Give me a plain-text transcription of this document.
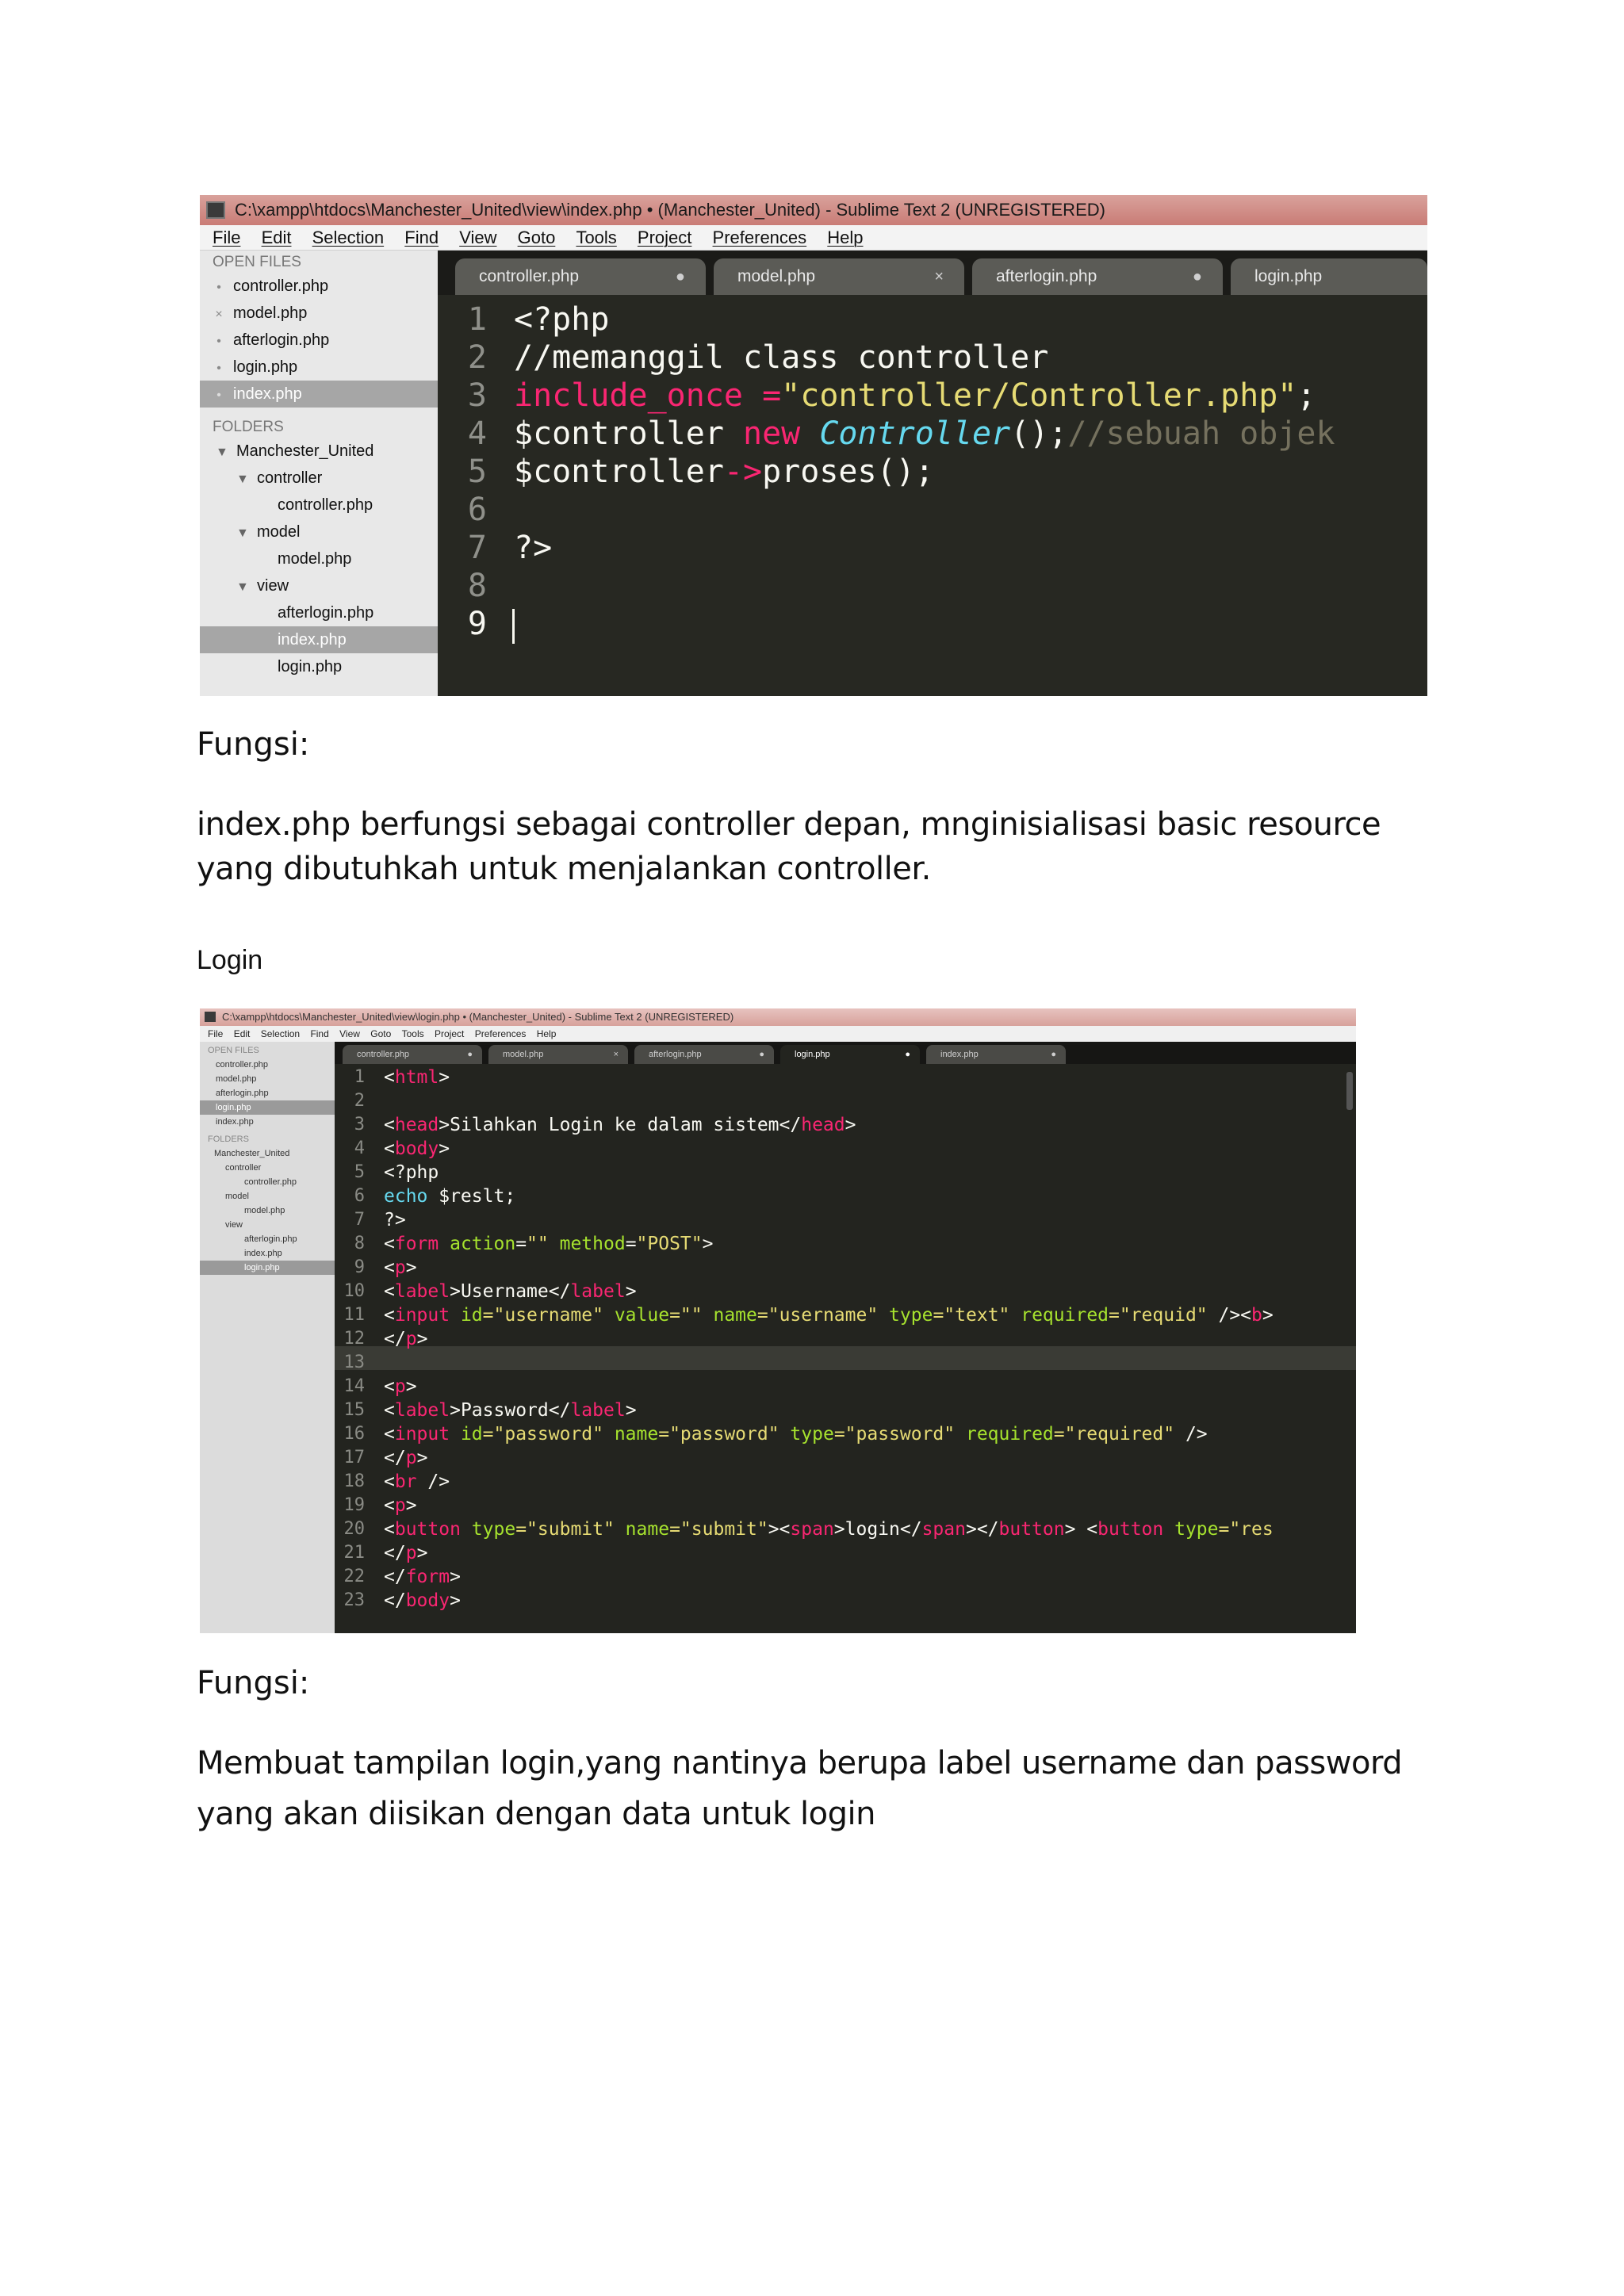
C:\xampp\htdocs\Manchester_United\view\index.php • (Manchester_United) - Sublime Text 2 (UNREGISTERED)
File Edit Selection Find View Goto Tools Project Preferences Help
OPEN FILES
• controller.php
× model.php
• afterlogin.php
• login.php
• index.php
FOLDERS
▼ Manchester_United
▼ controller
controller.php
▼ model
model.php
▼ view
afterlogin.php
index.php
login.php
controller.php	●	model.php	×	afterlogin.php	●	login.php
1
2
3
4
5
6
7
8
9
<?php
//memanggil class controller
include_once ="controller/Controller.php";
$controller new Controller();//sebuah objek
$controller->proses();
?>
Fungsi:
index.php berfungsi sebagai controller depan, mnginisialisasi basic resource
yang dibutuhkah untuk menjalankan controller.
Login
C:\xampp\htdocs\Manchester_United\view\login.php • (Manchester_United) - Sublime Text 2 (UNREGISTERED)
File Edit Selection Find View Goto Tools Project Preferences Help
OPEN FILES
controller.php
model.php
afterlogin.php
login.php
index.php
FOLDERS
Manchester_United
controller
controller.php
model
model.php
view
afterlogin.php
index.php
login.php
controller.php	●	model.php	×	afterlogin.php	●	login.php	●	index.php	●
1
2
3
4
5
6
7
8
9
10
11
12
13
14
15
16
17
18
19
20
21
22
23
<html>
<head>Silahkan Login ke dalam sistem</head>
<body>
<?php
echo $reslt;
?>
<form action="" method="POST">
<p>
<label>Username</label>
<input id="username" value="" name="username" type="text" required="requid" /><b>
</p>
<p>
<label>Password</label>
<input id="password" name="password" type="password" required="required" />
</p>
<br />
<p>
<button type="submit" name="submit"><span>login</span></button> <button type="res
</p>
</form>
</body>
Fungsi:
Membuat tampilan login,yang nantinya berupa label username dan password
yang akan diisikan dengan data untuk login
